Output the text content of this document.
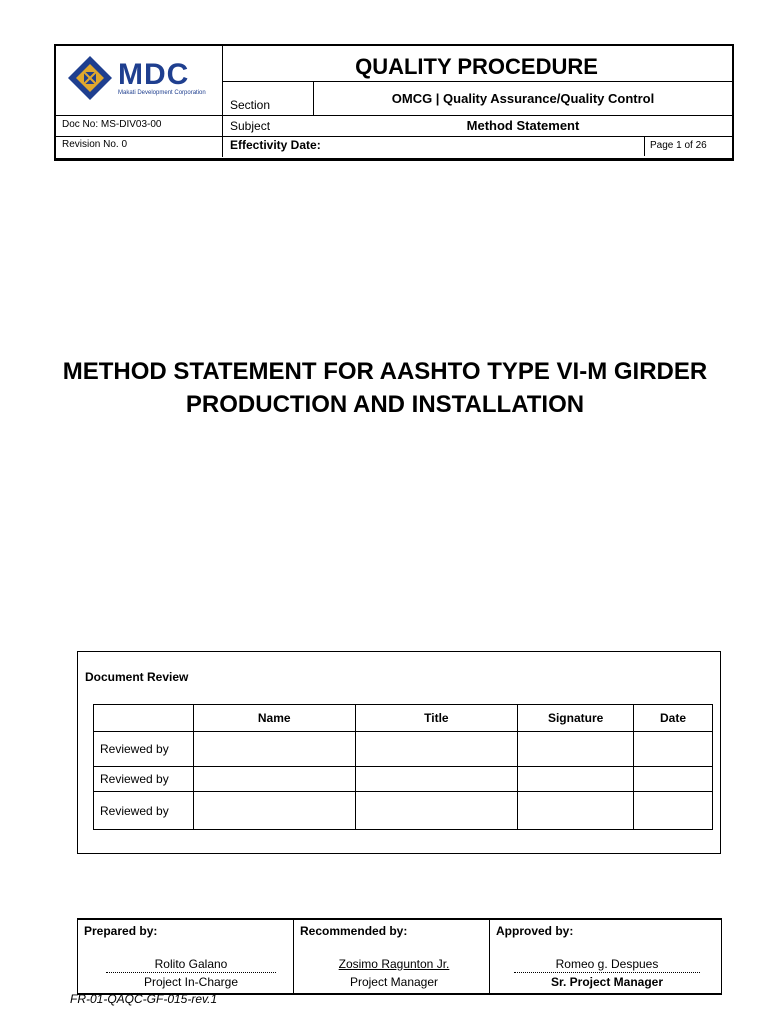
MDC
Makati Development Corporation
QUALITY PROCEDURE
Section	OMCG | Quality Assurance/Quality Control
Doc No: MS-DIV03-00	Subject	Method Statement
Revision No. 0	Effectivity Date:	Page 1 of 26
METHOD STATEMENT FOR AASHTO TYPE VI-M GIRDER
PRODUCTION AND INSTALLATION
Document Review
	Name	Title	Signature	Date
Reviewed by				
Reviewed by				
Reviewed by				
Prepared by:
Rolito Galano
Project In-Charge
Recommended by:
Zosimo Ragunton Jr.
Project Manager
Approved by:
Romeo g. Despues
Sr. Project Manager
FR-01-QAQC-GF-015-rev.1
